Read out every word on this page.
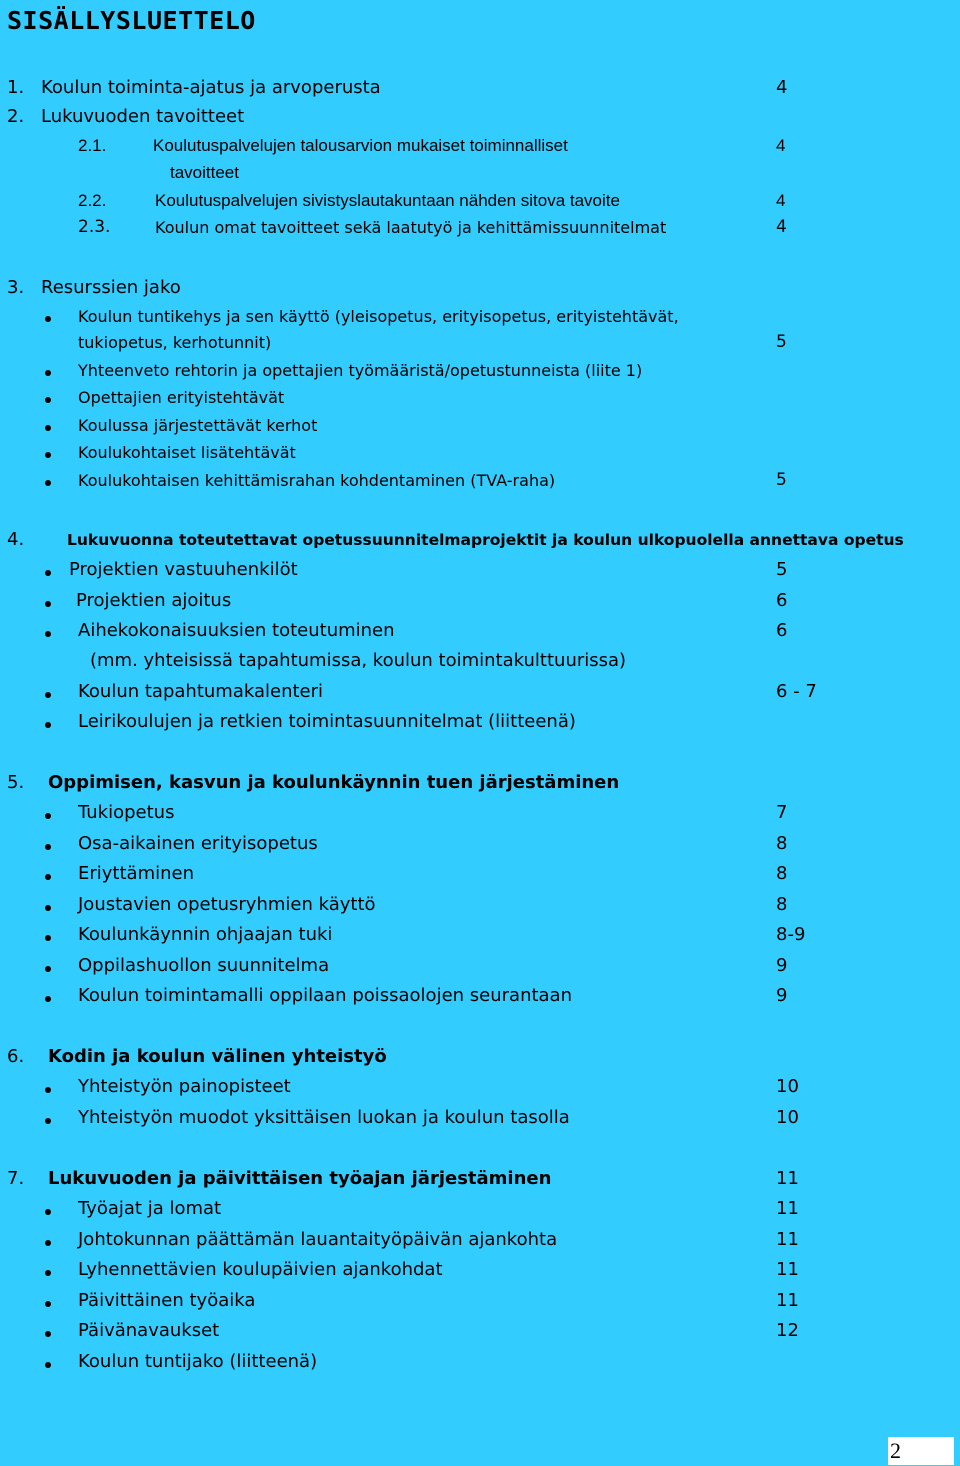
SISÄLLYSLUETTELO
1. Koulun toiminta-ajatus ja arvoperusta	4
2. Lukuvuoden tavoitteet
2.1.	Koulutuspalvelujen talousarvion mukaiset toiminnalliset	4
tavoitteet
2.2.	Koulutuspalvelujen sivistyslautakuntaan nähden sitova tavoite	4
2.3.	Koulun omat tavoitteet sekä laatutyö ja kehittämissuunnitelmat	4
3. Resurssien jako
Koulun tuntikehys ja sen käyttö (yleisopetus, erityisopetus, erityistehtävät,
tukiopetus, kerhotunnit)	5
Yhteenveto rehtorin ja opettajien työmääristä/opetustunneista (liite 1)
Opettajien erityistehtävät
Koulussa järjestettävät kerhot
Koulukohtaiset lisätehtävät
Koulukohtaisen kehittämisrahan kohdentaminen (TVA-raha)	5
4.	Lukuvuonna toteutettavat opetussuunnitelmaprojektit ja koulun ulkopuolella annettava opetus
Projektien vastuuhenkilöt	5
Projektien ajoitus	6
Aihekokonaisuuksien toteutuminen	6
(mm. yhteisissä tapahtumissa, koulun toimintakulttuurissa)
Koulun tapahtumakalenteri	6 - 7
Leirikoulujen ja retkien toimintasuunnitelmat (liitteenä)
5. Oppimisen, kasvun ja koulunkäynnin tuen järjestäminen
Tukiopetus	7
Osa-aikainen erityisopetus	8
Eriyttäminen	8
Joustavien opetusryhmien käyttö	8
Koulunkäynnin ohjaajan tuki	8-9
Oppilashuollon suunnitelma	9
Koulun toimintamalli oppilaan poissaolojen seurantaan	9
6. Kodin ja koulun välinen yhteistyö
Yhteistyön painopisteet	10
Yhteistyön muodot yksittäisen luokan ja koulun tasolla	10
7. Lukuvuoden ja päivittäisen työajan järjestäminen	11
Työajat ja lomat	11
Johtokunnan päättämän lauantaityöpäivän ajankohta	11
Lyhennettävien koulupäivien ajankohdat	11
Päivittäinen työaika	11
Päivänavaukset	12
Koulun tuntijako (liitteenä)
2
